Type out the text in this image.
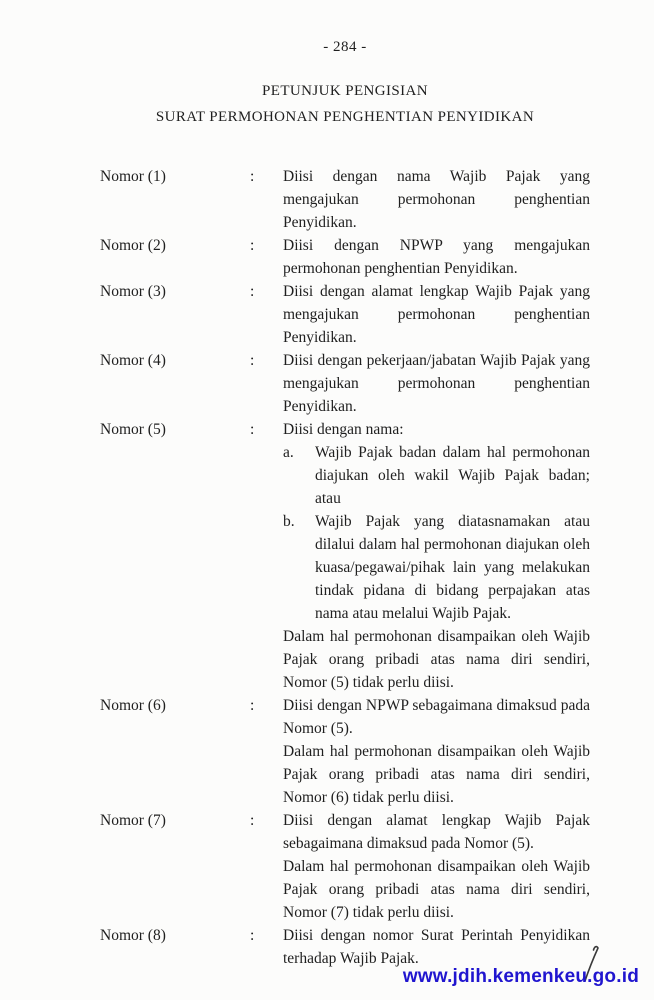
- 284 -
PETUNJUK PENGISIAN
SURAT PERMOHONAN PENGHENTIAN PENYIDIKAN
Nomor (1)	:	Diisi dengan nama Wajib Pajak yang mengajukan permohonan penghentian Penyidikan.
Nomor (2)	:	Diisi dengan NPWP yang mengajukan permohonan penghentian Penyidikan.
Nomor (3)	:	Diisi dengan alamat lengkap Wajib Pajak yang mengajukan permohonan penghentian Penyidikan.
Nomor (4)	:	Diisi dengan pekerjaan/jabatan Wajib Pajak yang mengajukan permohonan penghentian Penyidikan.
Nomor (5)	:	Diisi dengan nama:
a.	Wajib Pajak badan dalam hal permohonan diajukan oleh wakil Wajib Pajak badan; atau
b.	Wajib Pajak yang diatasnamakan atau dilalui dalam hal permohonan diajukan oleh kuasa/pegawai/pihak lain yang melakukan tindak pidana di bidang perpajakan atas nama atau melalui Wajib Pajak.
Dalam hal permohonan disampaikan oleh Wajib Pajak orang pribadi atas nama diri sendiri, Nomor (5) tidak perlu diisi.
Nomor (6)	:	Diisi dengan NPWP sebagaimana dimaksud pada Nomor (5).
Dalam hal permohonan disampaikan oleh Wajib Pajak orang pribadi atas nama diri sendiri, Nomor (6) tidak perlu diisi.
Nomor (7)	:	Diisi dengan alamat lengkap Wajib Pajak sebagaimana dimaksud pada Nomor (5).
Dalam hal permohonan disampaikan oleh Wajib Pajak orang pribadi atas nama diri sendiri, Nomor (7) tidak perlu diisi.
Nomor (8)	:	Diisi dengan nomor Surat Perintah Penyidikan terhadap Wajib Pajak.
www.jdih.kemenkeu.go.id
